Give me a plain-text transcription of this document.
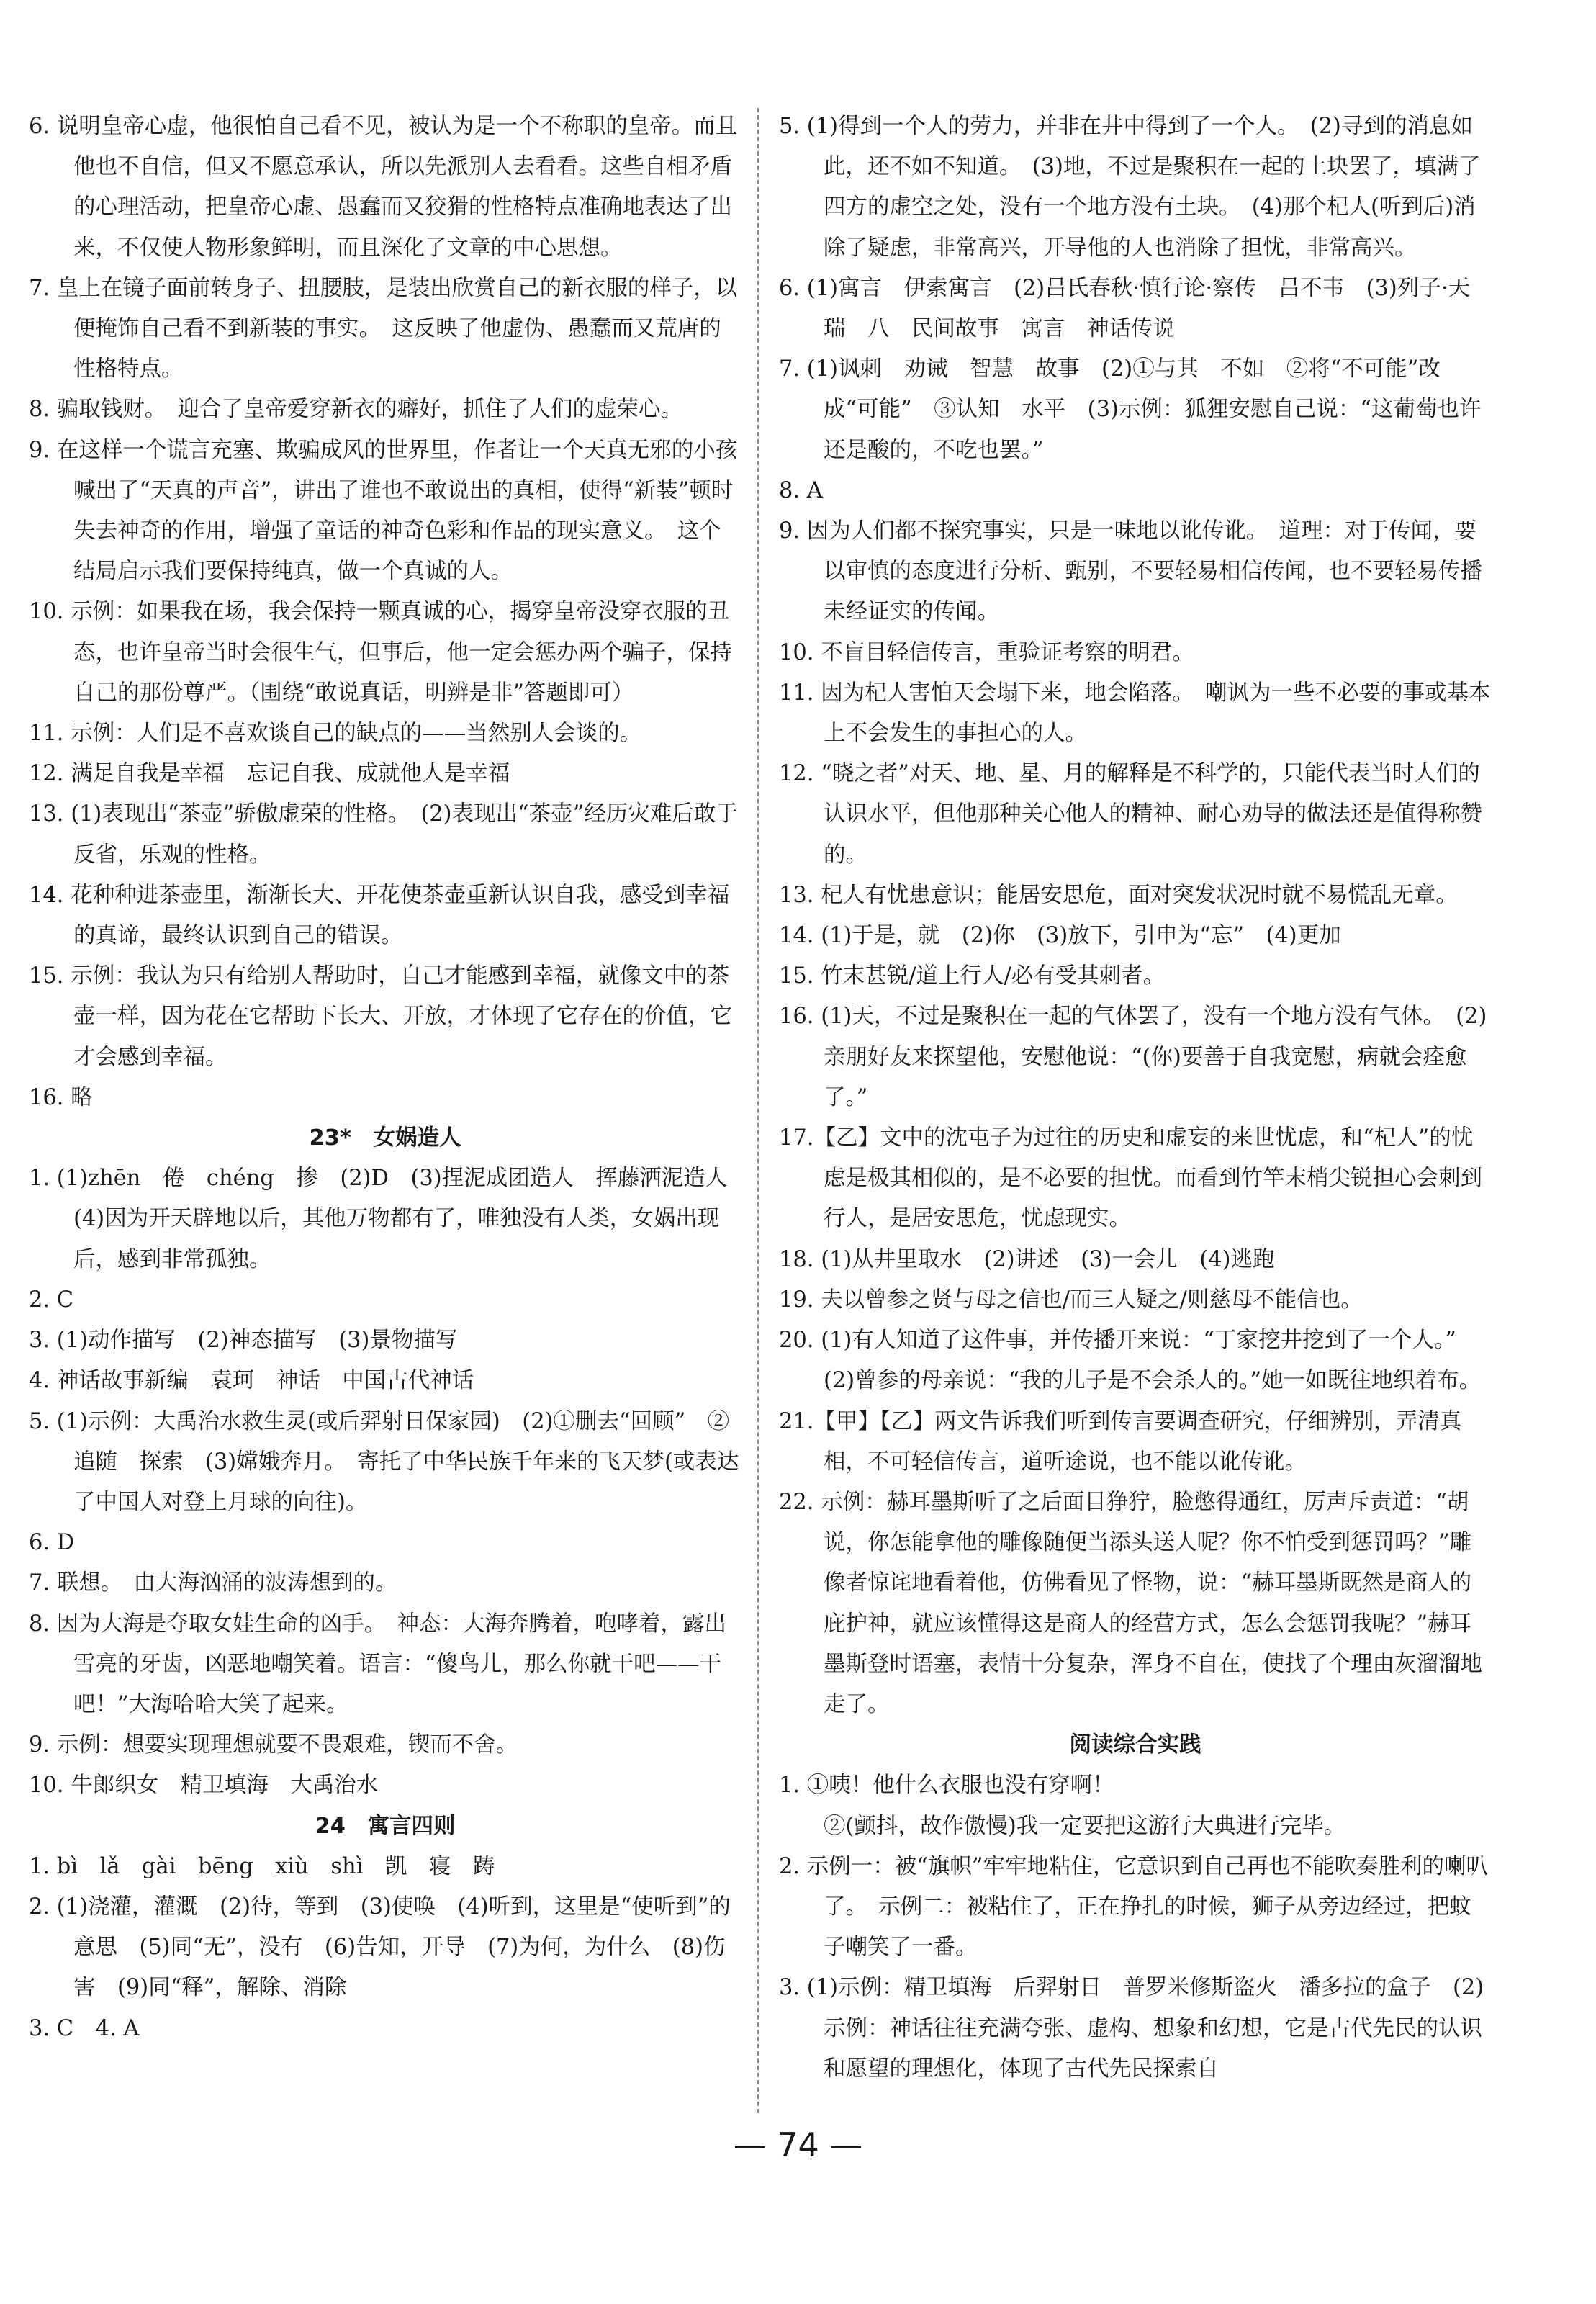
6. 说明皇帝心虚，他很怕自己看不见，被认为是一个不称职的皇帝。而且他也不自信，但又不愿意承认，所以先派别人去看看。这些自相矛盾的心理活动，把皇帝心虚、愚蠢而又狡猾的性格特点准确地表达了出来，不仅使人物形象鲜明，而且深化了文章的中心思想。
7. 皇上在镜子面前转身子、扭腰肢，是装出欣赏自己的新衣服的样子，以便掩饰自己看不到新装的事实。　这反映了他虚伪、愚蠢而又荒唐的性格特点。
8. 骗取钱财。　迎合了皇帝爱穿新衣的癖好，抓住了人们的虚荣心。
9. 在这样一个谎言充塞、欺骗成风的世界里，作者让一个天真无邪的小孩喊出了“天真的声音”，讲出了谁也不敢说出的真相，使得“新装”顿时失去神奇的作用，增强了童话的神奇色彩和作品的现实意义。　这个结局启示我们要保持纯真，做一个真诚的人。
10. 示例：如果我在场，我会保持一颗真诚的心，揭穿皇帝没穿衣服的丑态，也许皇帝当时会很生气，但事后，他一定会惩办两个骗子，保持自己的那份尊严。（围绕“敢说真话，明辨是非”答题即可）
11. 示例：人们是不喜欢谈自己的缺点的——当然别人会谈的。
12. 满足自我是幸福　忘记自我、成就他人是幸福
13. (1)表现出“茶壶”骄傲虚荣的性格。　(2)表现出“茶壶”经历灾难后敢于反省，乐观的性格。
14. 花种种进茶壶里，渐渐长大、开花使茶壶重新认识自我，感受到幸福的真谛，最终认识到自己的错误。
15. 示例：我认为只有给别人帮助时，自己才能感到幸福，就像文中的茶壶一样，因为花在它帮助下长大、开放，才体现了它存在的价值，它才会感到幸福。
16. 略
23*　女娲造人
1. (1)zhēn　倦　chéng　掺　(2)D　(3)捏泥成团造人　挥藤洒泥造人　(4)因为开天辟地以后，其他万物都有了，唯独没有人类，女娲出现后，感到非常孤独。
2. C
3. (1)动作描写　(2)神态描写　(3)景物描写
4. 神话故事新编　袁珂　神话　中国古代神话
5. (1)示例：大禹治水救生灵(或后羿射日保家园)　(2)①删去“回顾”　②追随　探索　(3)嫦娥奔月。　寄托了中华民族千年来的飞天梦(或表达了中国人对登上月球的向往)。
6. D
7. 联想。　由大海汹涌的波涛想到的。
8. 因为大海是夺取女娃生命的凶手。　神态：大海奔腾着，咆哮着，露出雪亮的牙齿，凶恶地嘲笑着。语言：“傻鸟儿，那么你就干吧——干吧！”大海哈哈大笑了起来。
9. 示例：想要实现理想就要不畏艰难，锲而不舍。
10. 牛郎织女　精卫填海　大禹治水
24　寓言四则
1. bì　lǎ　gài　bēng　xiù　shì　凯　寝　踌
2. (1)浇灌，灌溉　(2)待，等到　(3)使唤　(4)听到，这里是“使听到”的意思　(5)同“无”，没有　(6)告知，开导　(7)为何，为什么　(8)伤害　(9)同“释”，解除、消除
3. C　4. A
5. (1)得到一个人的劳力，并非在井中得到了一个人。　(2)寻到的消息如此，还不如不知道。　(3)地，不过是聚积在一起的土块罢了，填满了四方的虚空之处，没有一个地方没有土块。　(4)那个杞人(听到后)消除了疑虑，非常高兴，开导他的人也消除了担忧，非常高兴。
6. (1)寓言　伊索寓言　(2)吕氏春秋·慎行论·察传　吕不韦　(3)列子·天瑞　八　民间故事　寓言　神话传说
7. (1)讽刺　劝诫　智慧　故事　(2)①与其　不如　②将“不可能”改成“可能”　③认知　水平　(3)示例：狐狸安慰自己说：“这葡萄也许还是酸的，不吃也罢。”
8. A
9. 因为人们都不探究事实，只是一味地以讹传讹。　道理：对于传闻，要以审慎的态度进行分析、甄别，不要轻易相信传闻，也不要轻易传播未经证实的传闻。
10. 不盲目轻信传言，重验证考察的明君。
11. 因为杞人害怕天会塌下来，地会陷落。　嘲讽为一些不必要的事或基本上不会发生的事担心的人。
12. “晓之者”对天、地、星、月的解释是不科学的，只能代表当时人们的认识水平，但他那种关心他人的精神、耐心劝导的做法还是值得称赞的。
13. 杞人有忧患意识；能居安思危，面对突发状况时就不易慌乱无章。
14. (1)于是，就　(2)你　(3)放下，引申为“忘”　(4)更加
15. 竹末甚锐/道上行人/必有受其刺者。
16. (1)天，不过是聚积在一起的气体罢了，没有一个地方没有气体。　(2)亲朋好友来探望他，安慰他说：“(你)要善于自我宽慰，病就会痊愈了。”
17.【乙】文中的沈屯子为过往的历史和虚妄的来世忧虑，和“杞人”的忧虑是极其相似的，是不必要的担忧。而看到竹竿末梢尖锐担心会刺到行人，是居安思危，忧虑现实。
18. (1)从井里取水　(2)讲述　(3)一会儿　(4)逃跑
19. 夫以曾参之贤与母之信也/而三人疑之/则慈母不能信也。
20. (1)有人知道了这件事，并传播开来说：“丁家挖井挖到了一个人。”　(2)曾参的母亲说：“我的儿子是不会杀人的。”她一如既往地织着布。
21.【甲】【乙】两文告诉我们听到传言要调查研究，仔细辨别，弄清真相，不可轻信传言，道听途说，也不能以讹传讹。
22. 示例：赫耳墨斯听了之后面目狰狞，脸憋得通红，厉声斥责道：“胡说，你怎能拿他的雕像随便当添头送人呢？你不怕受到惩罚吗？”雕像者惊诧地看着他，仿佛看见了怪物，说：“赫耳墨斯既然是商人的庇护神，就应该懂得这是商人的经营方式，怎么会惩罚我呢？”赫耳墨斯登时语塞，表情十分复杂，浑身不自在，使找了个理由灰溜溜地走了。
阅读综合实践
1. ①咦！他什么衣服也没有穿啊！
②(颤抖，故作傲慢)我一定要把这游行大典进行完毕。
2. 示例一：被“旗帜”牢牢地粘住，它意识到自己再也不能吹奏胜利的喇叭了。　示例二：被粘住了，正在挣扎的时候，狮子从旁边经过，把蚊子嘲笑了一番。
3. (1)示例：精卫填海　后羿射日　普罗米修斯盗火　潘多拉的盒子　(2)示例：神话往往充满夸张、虚构、想象和幻想，它是古代先民的认识和愿望的理想化，体现了古代先民探索自
— 74 —
